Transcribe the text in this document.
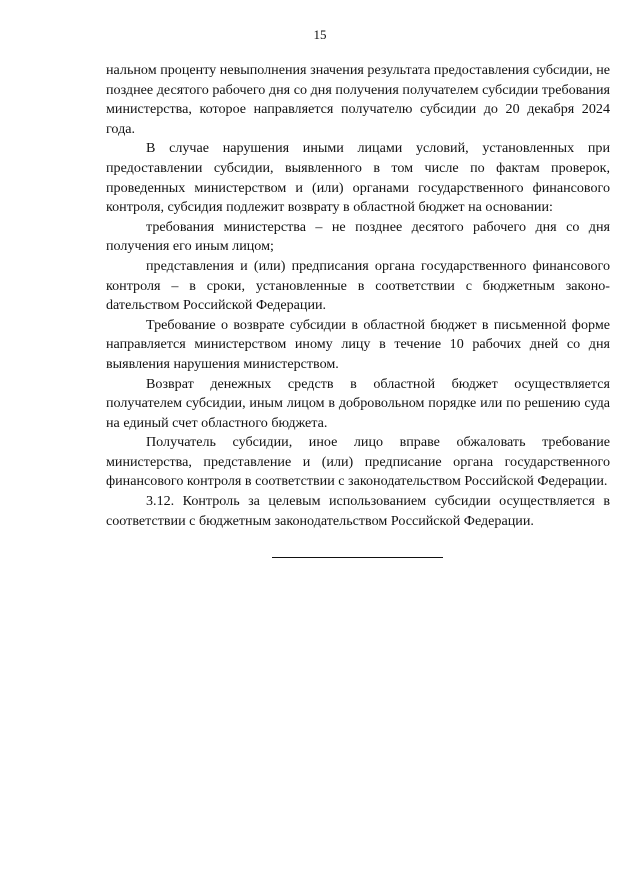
15

нальном проценту невыполнения значения результата предоставления субсидии, не позднее десятого рабочего дня со дня получения получателем субсидии требования министерства, которое направляется получателю субсидии до 20 декабря 2024 года.

В случае нарушения иными лицами условий, установленных при предоставлении субсидии, выявленного в том числе по фактам проверок, проведенных министерством и (или) органами государственного финансового контроля, субсидия подлежит возврату в областной бюджет на основании:

требования министерства – не позднее десятого рабочего дня со дня получения его иным лицом;

представления и (или) предписания органа государственного финансового контроля – в сроки, установленные в соответствии с бюджетным законоdательством Российской Федерации.

Требование о возврате субсидии в областной бюджет в письменной форме направляется министерством иному лицу в течение 10 рабочих дней со дня выявления нарушения министерством.

Возврат денежных средств в областной бюджет осуществляется получателем субсидии, иным лицом в добровольном порядке или по решению суда на единый счет областного бюджета.

Получатель субсидии, иное лицо вправе обжаловать требование министерства, представление и (или) предписание органа государственного финансового контроля в соответствии с законодательством Российской Федерации.

3.12. Контроль за целевым использованием субсидии осуществляется в соответствии с бюджетным законодательством Российской Федерации.
